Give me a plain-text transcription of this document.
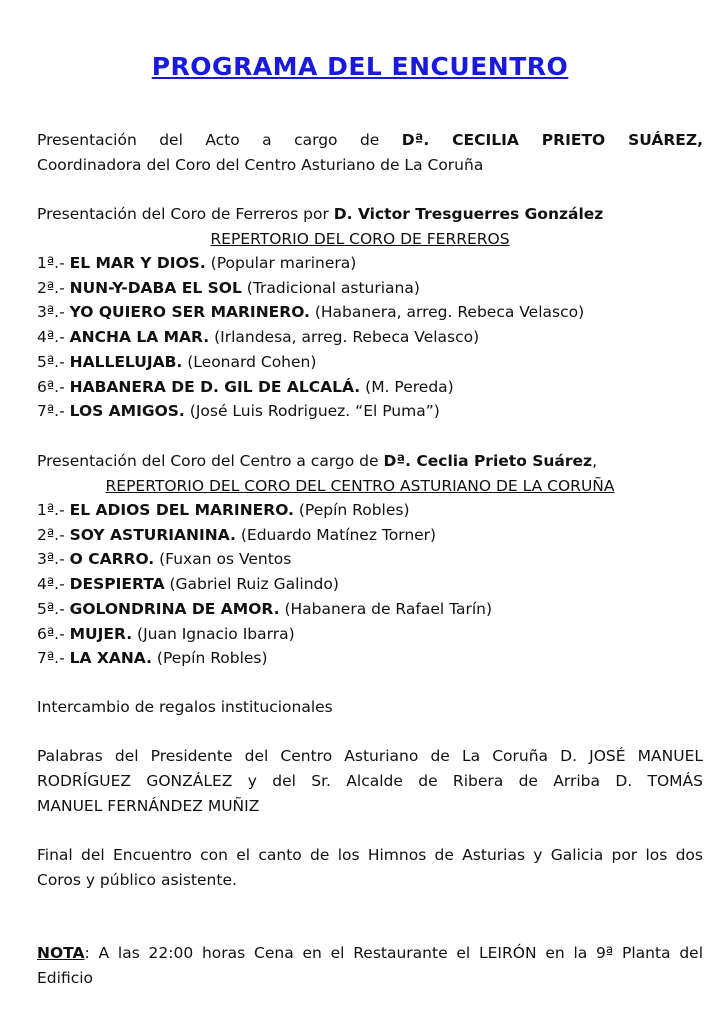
PROGRAMA DEL ENCUENTRO
Presentación del Acto a cargo de Dª. CECILIA PRIETO SUÁREZ,
Coordinadora del Coro del Centro Asturiano de La Coruña
Presentación del Coro de Ferreros por D. Victor Tresguerres González
REPERTORIO DEL CORO DE FERREROS
1ª.- EL MAR Y DIOS. (Popular marinera)
2ª.- NUN-Y-DABA EL SOL (Tradicional asturiana)
3ª.- YO QUIERO SER MARINERO. (Habanera, arreg. Rebeca Velasco)
4ª.- ANCHA LA MAR. (Irlandesa, arreg. Rebeca Velasco)
5ª.- HALLELUJAB. (Leonard Cohen)
6ª.- HABANERA DE D. GIL DE ALCALÁ. (M. Pereda)
7ª.- LOS AMIGOS. (José Luis Rodriguez. “El Puma”)
Presentación del Coro del Centro a cargo de Dª. Ceclia Prieto Suárez,
REPERTORIO DEL CORO DEL CENTRO ASTURIANO DE LA CORUÑA
1ª.- EL ADIOS DEL MARINERO. (Pepín Robles)
2ª.- SOY ASTURIANINA. (Eduardo Matínez Torner)
3ª.- O CARRO. (Fuxan os Ventos
4ª.- DESPIERTA (Gabriel Ruiz Galindo)
5ª.- GOLONDRINA DE AMOR. (Habanera de Rafael Tarín)
6ª.- MUJER. (Juan Ignacio Ibarra)
7ª.- LA XANA. (Pepín Robles)
Intercambio de regalos institucionales
Palabras del Presidente del Centro Asturiano de La Coruña D. JOSÉ MANUEL
RODRÍGUEZ GONZÁLEZ y del Sr. Alcalde de Ribera de Arriba D. TOMÁS
MANUEL FERNÁNDEZ MUÑIZ
Final del Encuentro con el canto de los Himnos de Asturias y Galicia por los dos
Coros y público asistente.
NOTA: A las 22:00 horas Cena en el Restaurante el LEIRÓN en la 9ª Planta del
Edificio
